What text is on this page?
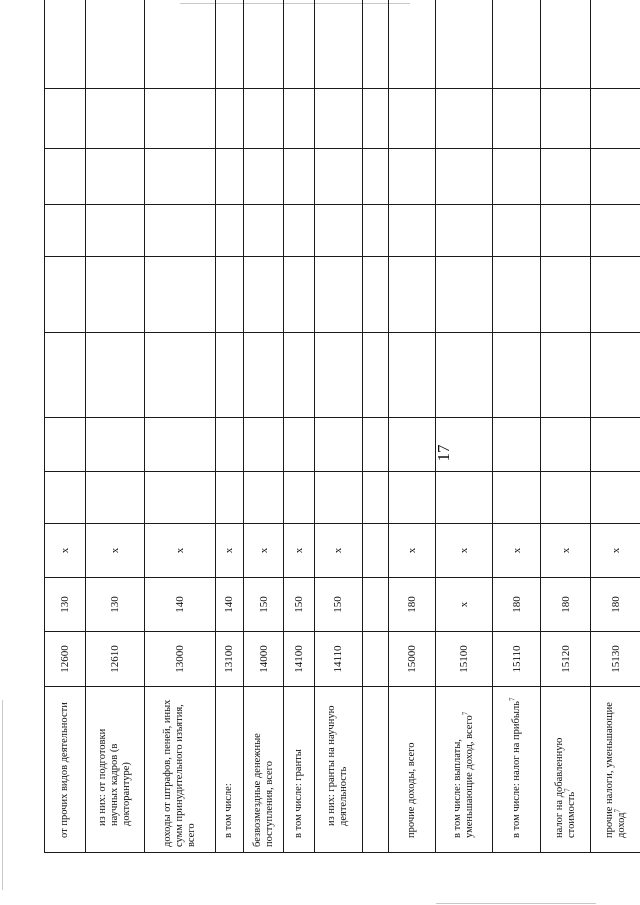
17
от прочих видов деятельности	12600	130	x								
из них: от подготовки научных кадров (в докторантуре)	12610	130	x								
доходы от штрафов, пеней, иных сумм принудительного изъятия, всего	13000	140	x								
в том числе:	13100	140	x								
безвозмездные денежные поступления, всего	14000	150	x								
в том числе: гранты	14100	150	x								
из них: гранты на научную деятельность	14110	150	x								

прочие доходы, всего	15000	180	x								
в том числе: выплаты, уменьшающие доход, всего$^7$	15100	x	x								
в том числе: налог на прибыль$^7$	15110	180	x								
налог на добавленную стоимость$^7$	15120	180	x								
прочие налоги, уменьшающие доход$^7$	15130	180	x								
